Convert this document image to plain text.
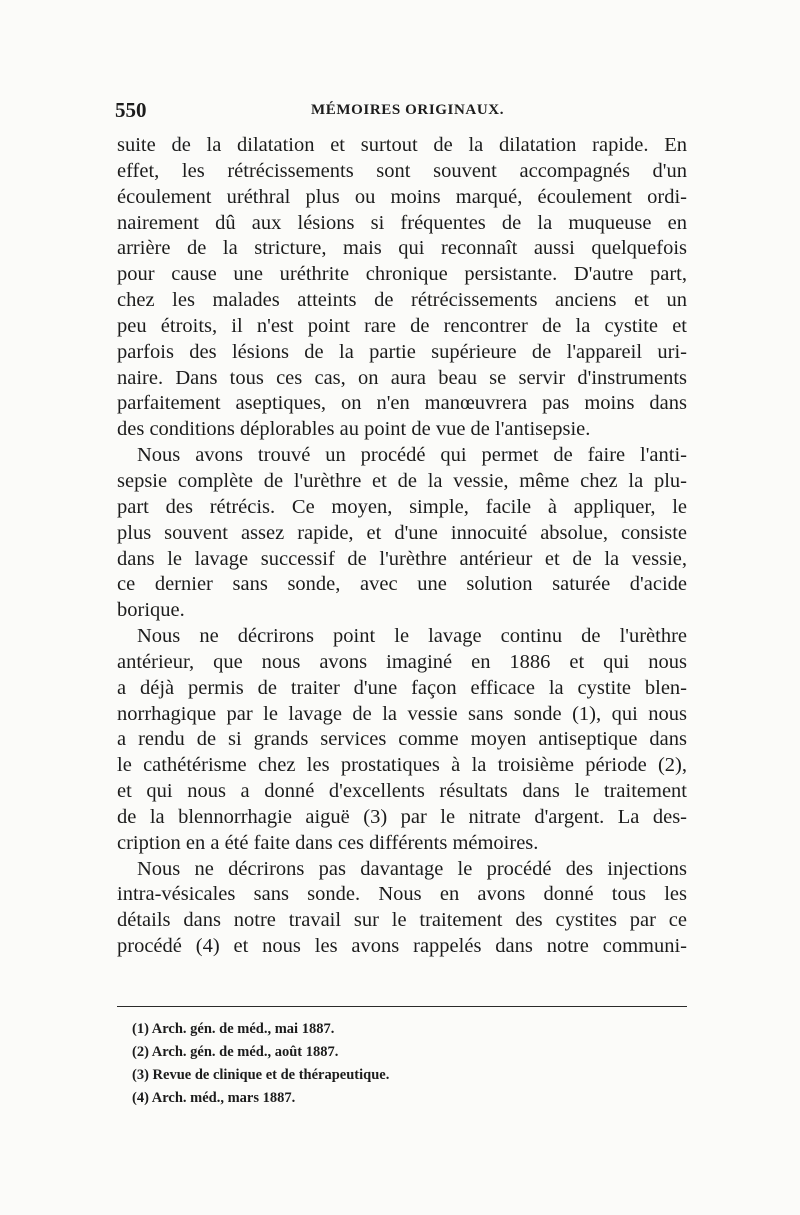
550	MÉMOIRES ORIGINAUX.

suite de la dilatation et surtout de la dilatation rapide. En
effet, les rétrécissements sont souvent accompagnés d'un
écoulement uréthral plus ou moins marqué, écoulement ordi-
nairement dû aux lésions si fréquentes de la muqueuse en
arrière de la stricture, mais qui reconnaît aussi quelquefois
pour cause une uréthrite chronique persistante. D'autre part,
chez les malades atteints de rétrécissements anciens et un
peu étroits, il n'est point rare de rencontrer de la cystite et
parfois des lésions de la partie supérieure de l'appareil uri-
naire. Dans tous ces cas, on aura beau se servir d'instruments
parfaitement aseptiques, on n'en manœuvrera pas moins dans
des conditions déplorables au point de vue de l'antisepsie.

Nous avons trouvé un procédé qui permet de faire l'anti-
sepsie complète de l'urèthre et de la vessie, même chez la plu-
part des rétrécis. Ce moyen, simple, facile à appliquer, le
plus souvent assez rapide, et d'une innocuité absolue, consiste
dans le lavage successif de l'urèthre antérieur et de la vessie,
ce dernier sans sonde, avec une solution saturée d'acide
borique.

Nous ne décrirons point le lavage continu de l'urèthre
antérieur, que nous avons imaginé en 1886 et qui nous
a déjà permis de traiter d'une façon efficace la cystite blen-
norrhagique par le lavage de la vessie sans sonde (1), qui nous
a rendu de si grands services comme moyen antiseptique dans
le cathétérisme chez les prostatiques à la troisième période (2),
et qui nous a donné d'excellents résultats dans le traitement
de la blennorrhagie aiguë (3) par le nitrate d'argent. La des-
cription en a été faite dans ces différents mémoires.

Nous ne décrirons pas davantage le procédé des injections
intra-vésicales sans sonde. Nous en avons donné tous les
détails dans notre travail sur le traitement des cystites par ce
procédé (4) et nous les avons rappelés dans notre communi-

(1) Arch. gén. de méd., mai 1887.
(2) Arch. gén. de méd., août 1887.
(3) Revue de clinique et de thérapeutique.
(4) Arch. méd., mars 1887.
